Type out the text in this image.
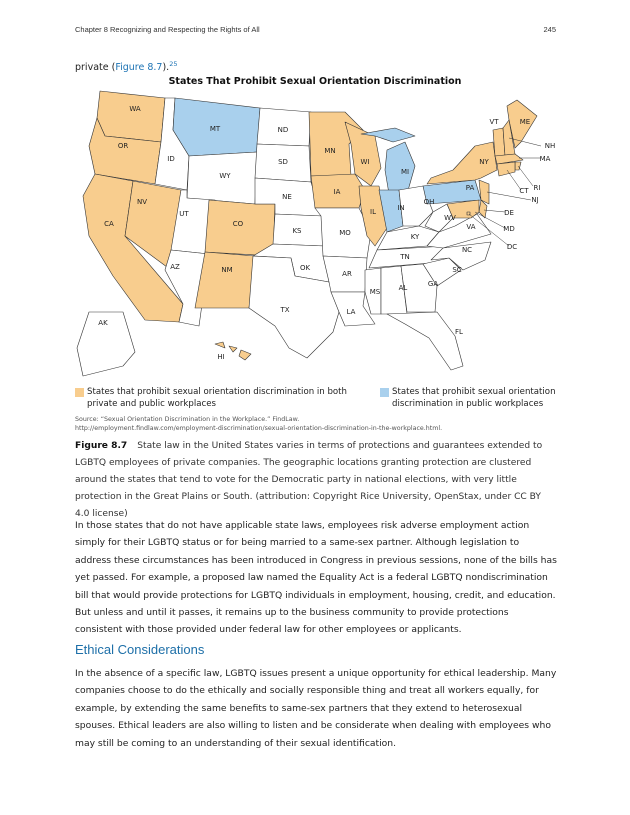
Chapter 8 Recognizing and Respecting the Rights of All	245
private (Figure 8.7).$^{25}$
States That Prohibit Sexual Orientation Discrimination
WA
OR
CA
NV
ID
MT
WY
UT
CO
AZ	NM
ND
SD
NE
KS
OK
TX
MN
IA
MO
AR
LA
WI
IL
MI
IN
OH
KY
TN
MS	AL	GA
FL
SC
NC
VA
WV
PA
NY
VT	ME
NH
MA
RI
CT
NJ
DE
MD
DC
AK
HI
States that prohibit sexual orientation discrimination in both private and public workplaces
States that prohibit sexual orientation discrimination in public workplaces
Source: “Sexual Orientation Discrimination in the Workplace.” FindLaw.
http://employment.findlaw.com/employment-discrimination/sexual-orientation-discrimination-in-the-workplace.html.
Figure 8.7 State law in the United States varies in terms of protections and guarantees extended to LGBTQ employees of private companies. The geographic locations granting protection are clustered around the states that tend to vote for the Democratic party in national elections, with very little protection in the Great Plains or South. (attribution: Copyright Rice University, OpenStax, under CC BY 4.0 license)
In those states that do not have applicable state laws, employees risk adverse employment action simply for their LGBTQ status or for being married to a same-sex partner. Although legislation to address these circumstances has been introduced in Congress in previous sessions, none of the bills has yet passed. For example, a proposed law named the Equality Act is a federal LGBTQ nondiscrimination bill that would provide protections for LGBTQ individuals in employment, housing, credit, and education. But unless and until it passes, it remains up to the business community to provide protections consistent with those provided under federal law for other employees or applicants.
Ethical Considerations
In the absence of a specific law, LGBTQ issues present a unique opportunity for ethical leadership. Many companies choose to do the ethically and socially responsible thing and treat all workers equally, for example, by extending the same benefits to same-sex partners that they extend to heterosexual spouses. Ethical leaders are also willing to listen and be considerate when dealing with employees who may still be coming to an understanding of their sexual identification.
